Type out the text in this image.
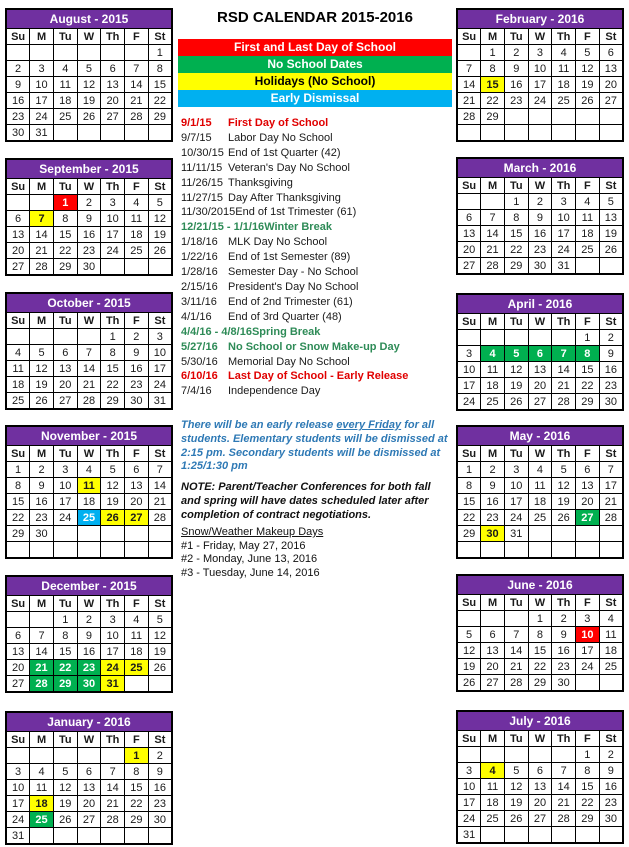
RSD CALENDAR 2015-2016
First and Last Day of School
No School Dates
Holidays (No School)
Early Dismissal
9/1/15 First Day of School
9/7/15 Labor Day No School
10/30/15 End of 1st Quarter (42)
11/11/15 Veteran's Day No School
11/26/15 Thanksgiving
11/27/15 Day After Thanksgiving
11/30/2015End of 1st Trimester (61)
12/21/15 - 1/1/16Winter Break
1/18/16 MLK Day No School
1/22/16 End of 1st Semester (89)
1/28/16 Semester Day - No School
2/15/16 President's Day No School
3/11/16 End of 2nd Trimester (61)
4/1/16 End of 3rd Quarter (48)
4/4/16 - 4/8/16Spring Break
5/27/16 No School or Snow Make-up Day
5/30/16 Memorial Day No School
6/10/16 Last Day of School - Early Release
7/4/16 Independence Day
There will be an early release every Friday for all students. Elementary students will be dismissed at 2:15 pm. Secondary students will be dismissed at 1:25/1:30 pm
NOTE: Parent/Teacher Conferences for both fall and spring will have dates scheduled later after completion of contract negotiations.
Snow/Weather Makeup Days
#1 - Friday, May 27, 2016
#2 - Monday, June 13, 2016
#3 - Tuesday, June 14, 2016
August - 2015						
Su	M	Tu	W	Th	F	St
						1
2	3	4	5	6	7	8
9	10	11	12	13	14	15
16	17	18	19	20	21	22
23	24	25	26	27	28	29
30	31					
September - 2015						
Su	M	Tu	W	Th	F	St
		1	2	3	4	5
6	7	8	9	10	11	12
13	14	15	16	17	18	19
20	21	22	23	24	25	26
27	28	29	30			
October - 2015						
Su	M	Tu	W	Th	F	St
				1	2	3
4	5	6	7	8	9	10
11	12	13	14	15	16	17
18	19	20	21	22	23	24
25	26	27	28	29	30	31
November - 2015						
Su	M	Tu	W	Th	F	St
1	2	3	4	5	6	7
8	9	10	11	12	13	14
15	16	17	18	19	20	21
22	23	24	25	26	27	28
29	30					

December - 2015						
Su	M	Tu	W	Th	F	St
		1	2	3	4	5
6	7	8	9	10	11	12
13	14	15	16	17	18	19
20	21	22	23	24	25	26
27	28	29	30	31		
January - 2016						
Su	M	Tu	W	Th	F	St
					1	2
3	4	5	6	7	8	9
10	11	12	13	14	15	16
17	18	19	20	21	22	23
24	25	26	27	28	29	30
31						
February - 2016						
Su	M	Tu	W	Th	F	St
	1	2	3	4	5	6
7	8	9	10	11	12	13
14	15	16	17	18	19	20
21	22	23	24	25	26	27
28	29					

March - 2016						
Su	M	Tu	W	Th	F	St
		1	2	3	4	5
6	7	8	9	10	11	13
13	14	15	16	17	18	19
20	21	22	23	24	25	26
27	28	29	30	31		
April - 2016						
Su	M	Tu	W	Th	F	St
					1	2
3	4	5	6	7	8	9
10	11	12	13	14	15	16
17	18	19	20	21	22	23
24	25	26	27	28	29	30
May - 2016						
Su	M	Tu	W	Th	F	St
1	2	3	4	5	6	7
8	9	10	11	12	13	17
15	16	17	18	19	20	21
22	23	24	25	26	27	28
29	30	31				

June - 2016						
Su	M	Tu	W	Th	F	St
			1	2	3	4
5	6	7	8	9	10	11
12	13	14	15	16	17	18
19	20	21	22	23	24	25
26	27	28	29	30		
July - 2016						
Su	M	Tu	W	Th	F	St
					1	2
3	4	5	6	7	8	9
10	11	12	13	14	15	16
17	18	19	20	21	22	23
24	25	26	27	28	29	30
31						
